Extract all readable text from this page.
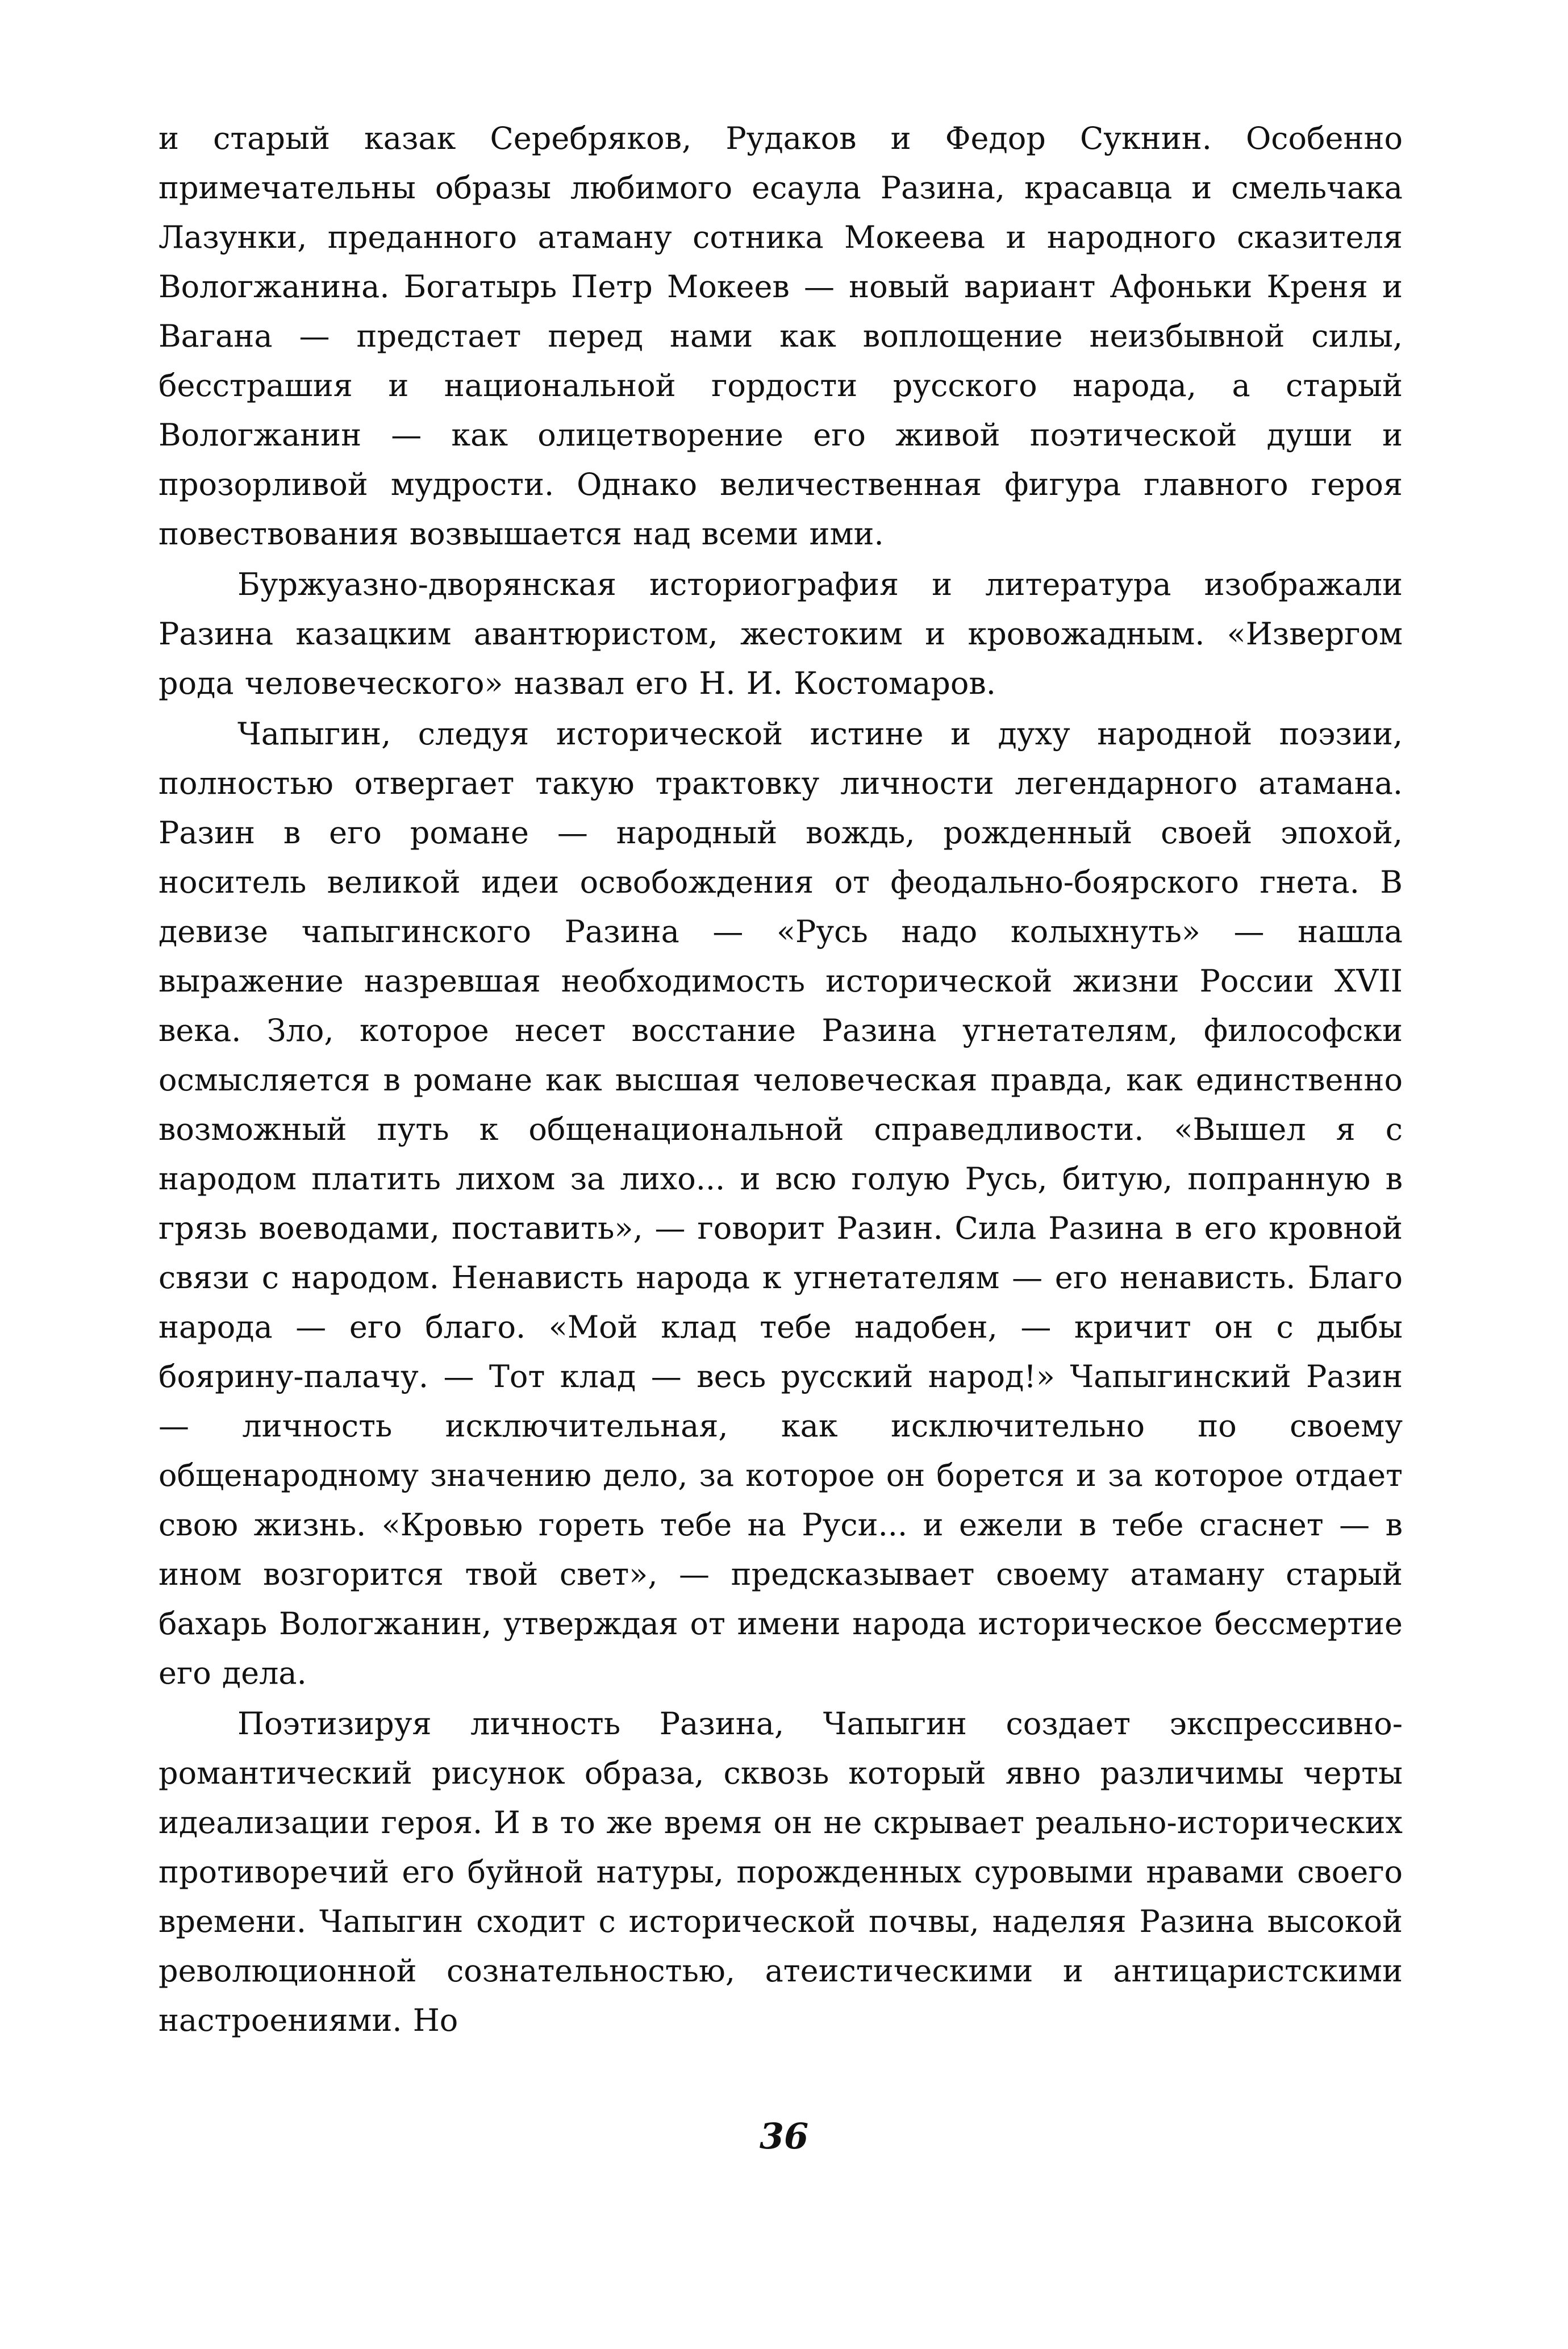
и старый казак Серебряков, Рудаков и Федор Сукнин. Особенно примечательны образы любимого есаула Разина, красавца и смельчака Лазунки, преданного атаману сотника Мокеева и народного сказителя Вологжанина. Богатырь Петр Мокеев — новый вариант Афоньки Креня и Вагана — предстает перед нами как воплощение неизбывной силы, бесстрашия и национальной гордости русского народа, а старый Вологжанин — как олицетворение его живой поэтической души и прозорливой мудрости. Однако величественная фигура главного героя повествования возвышается над всеми ими.

Буржуазно-дворянская историография и литература изображали Разина казацким авантюристом, жестоким и кровожадным. «Извергом рода человеческого» назвал его Н. И. Костомаров.

Чапыгин, следуя исторической истине и духу народной поэзии, полностью отвергает такую трактовку личности легендарного атамана. Разин в его романе — народный вождь, рожденный своей эпохой, носитель великой идеи освобождения от феодально-боярского гнета. В девизе чапыгинского Разина — «Русь надо колыхнуть» — нашла выражение назревшая необходимость исторической жизни России XVII века. Зло, которое несет восстание Разина угнетателям, философски осмысляется в романе как высшая человеческая правда, как единственно возможный путь к общенациональной справедливости. «Вышел я с народом платить лихом за лихо... и всю голую Русь, битую, попранную в грязь воеводами, поставить», — говорит Разин. Сила Разина в его кровной связи с народом. Ненависть народа к угнетателям — его ненависть. Благо народа — его благо. «Мой клад тебе надобен, — кричит он с дыбы боярину-палачу. — Тот клад — весь русский народ!» Чапыгинский Разин — личность исключительная, как исключительно по своему общенародному значению дело, за которое он борется и за которое отдает свою жизнь. «Кровью гореть тебе на Руси... и ежели в тебе сгаснет — в ином возгорится твой свет», — предсказывает своему атаману старый бахарь Вологжанин, утверждая от имени народа историческое бессмертие его дела.

Поэтизируя личность Разина, Чапыгин создает экспрессивно-романтический рисунок образа, сквозь который явно различимы черты идеализации героя. И в то же время он не скрывает реально-исторических противоречий его буйной натуры, порожденных суровыми нравами своего времени. Чапыгин сходит с исторической почвы, наделяя Разина высокой революционной сознательностью, атеистическими и антицаристскими настроениями. Но

36
